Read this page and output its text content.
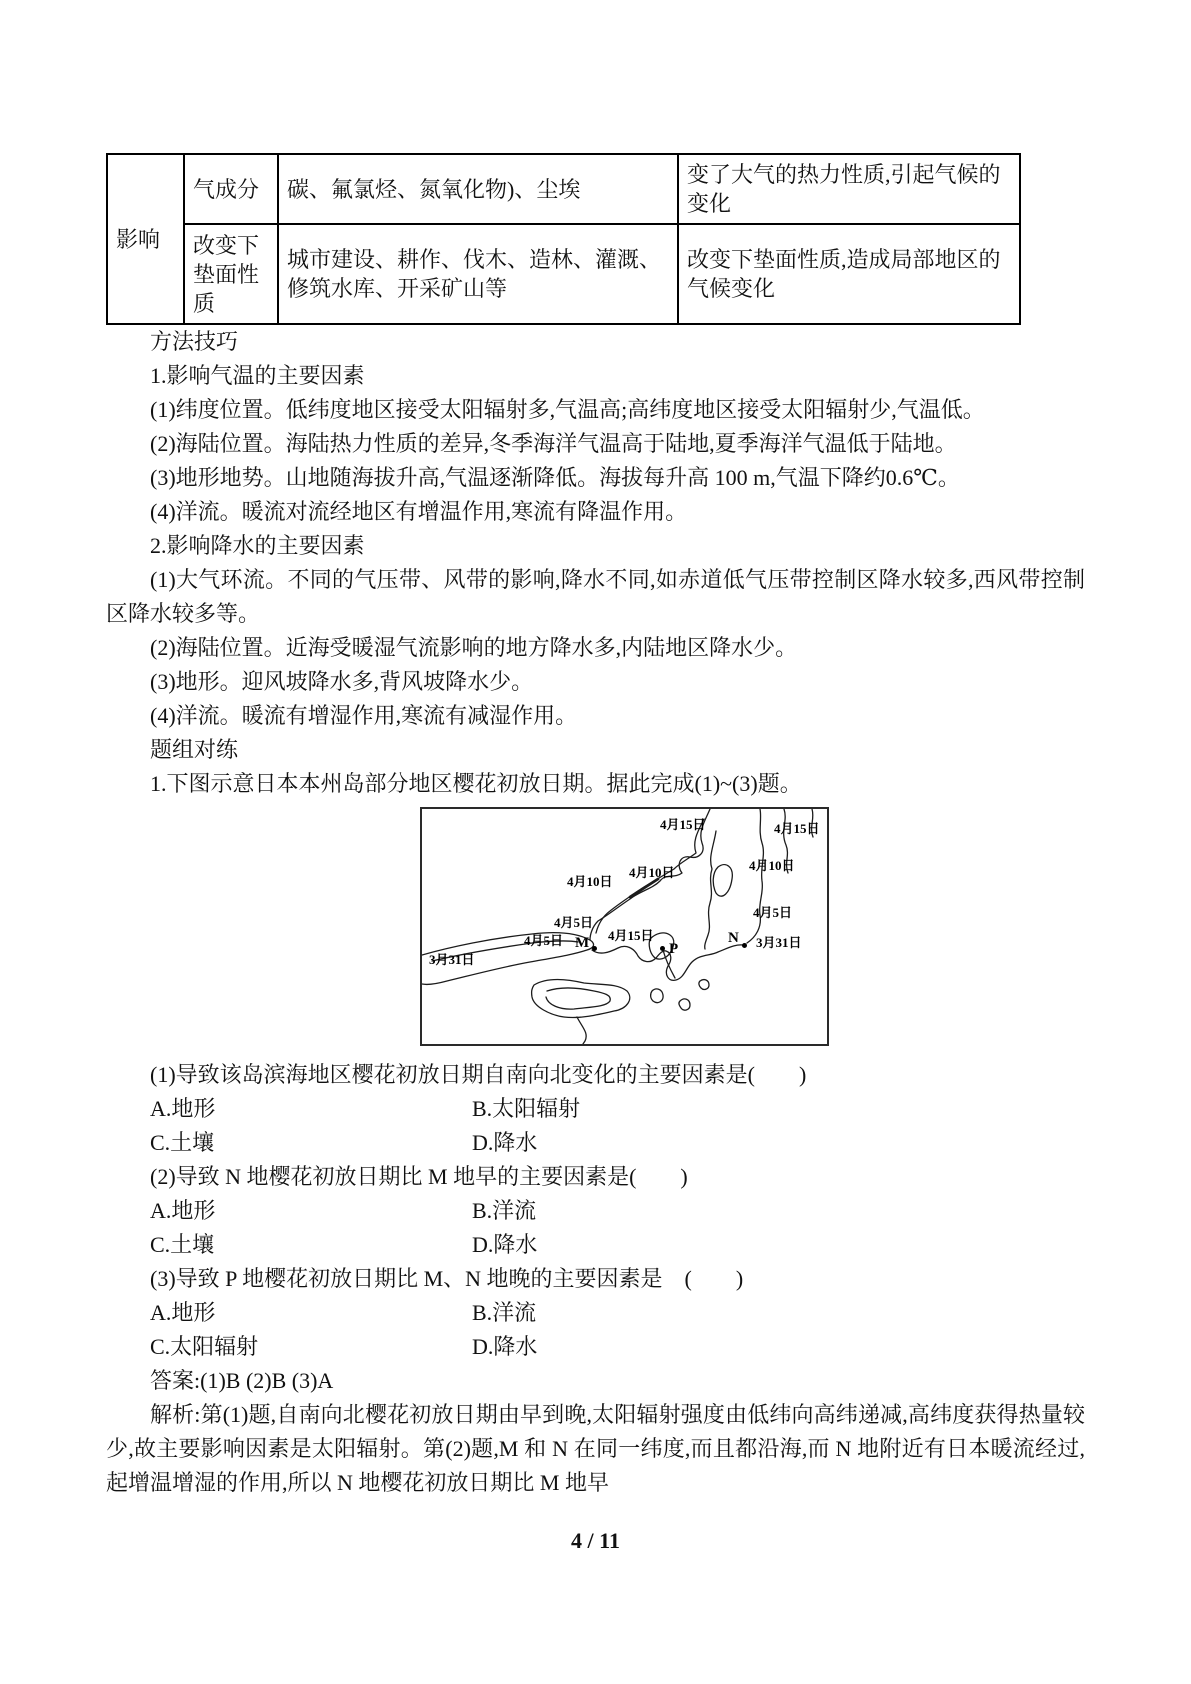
影响	气成分	碳、氟氯烃、氮氧化物)、尘埃	变了大气的热力性质,引起气候的变化
	改变下垫面性质	城市建设、耕作、伐木、造林、灌溉、修筑水库、开采矿山等	改变下垫面性质,造成局部地区的气候变化

方法技巧

1.影响气温的主要因素

(1)纬度位置。低纬度地区接受太阳辐射多,气温高;高纬度地区接受太阳辐射少,气温低。

(2)海陆位置。海陆热力性质的差异,冬季海洋气温高于陆地,夏季海洋气温低于陆地。

(3)地形地势。山地随海拔升高,气温逐渐降低。海拔每升高 100 m,气温下降约0.6℃。

(4)洋流。暖流对流经地区有增温作用,寒流有降温作用。

2.影响降水的主要因素

(1)大气环流。不同的气压带、风带的影响,降水不同,如赤道低气压带控制区降水较多,西风带控制区降水较多等。

(2)海陆位置。近海受暖湿气流影响的地方降水多,内陆地区降水少。

(3)地形。迎风坡降水多,背风坡降水少。

(4)洋流。暖流有增湿作用,寒流有减湿作用。

题组对练

1.下图示意日本本州岛部分地区樱花初放日期。据此完成(1)~(3)题。

4月15日	4月15日
4月10日
4月10日
4月10日
4月5日
4月5日
4月5日	4月15日	3月31日
3月31日
M	P
N

(1)导致该岛滨海地区樱花初放日期自南向北变化的主要因素是(　　)

A.地形	B.太阳辐射

C.土壤	D.降水

(2)导致 N 地樱花初放日期比 M 地早的主要因素是(　　)

A.地形	B.洋流

C.土壤	D.降水

(3)导致 P 地樱花初放日期比 M、N 地晚的主要因素是　(　　)

A.地形	B.洋流

C.太阳辐射	D.降水

答案:(1)B (2)B (3)A

解析:第(1)题,自南向北樱花初放日期由早到晚,太阳辐射强度由低纬向高纬递减,高纬度获得热量较少,故主要影响因素是太阳辐射。第(2)题,M 和 N 在同一纬度,而且都沿海,而 N 地附近有日本暖流经过,起增温增湿的作用,所以 N 地樱花初放日期比 M 地早

4 / 11
